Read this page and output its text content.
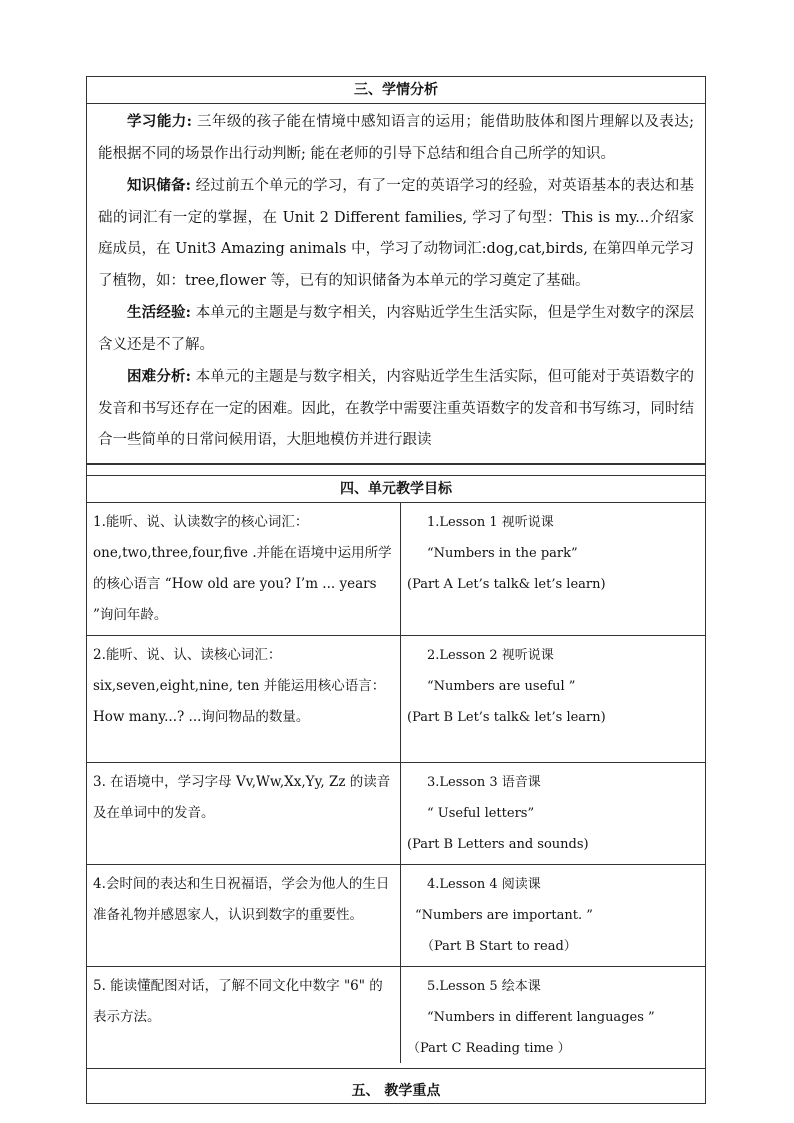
三、学情分析

学习能力: 三年级的孩子能在情境中感知语言的运用；能借助肢体和图片理解以及表达; 能根据不同的场景作出行动判断; 能在老师的引导下总结和组合自己所学的知识。

知识储备: 经过前五个单元的学习，有了一定的英语学习的经验，对英语基本的表达和基础的词汇有一定的掌握，在 Unit 2 Different families, 学习了句型：This is my...介绍家庭成员，在 Unit3 Amazing animals 中，学习了动物词汇:dog,cat,birds, 在第四单元学习了植物，如：tree,flower 等，已有的知识储备为本单元的学习奠定了基础。

生活经验: 本单元的主题是与数字相关，内容贴近学生生活实际，但是学生对数字的深层含义还是不了解。

困难分析: 本单元的主题是与数字相关，内容贴近学生生活实际，但可能对于英语数字的发音和书写还存在一定的困难。因此，在教学中需要注重英语数字的发音和书写练习，同时结合一些简单的日常问候用语，大胆地模仿并进行跟读

四、单元教学目标
1.能听、说、认读数字的核心词汇：one,two,three,four,five .并能在语境中运用所学的核心语言 “How old are you? I’m ... years ”询问年龄。
1.Lesson 1 视听说课
“Numbers in the park”
(Part A Let’s talk& let’s learn)
2.能听、说、认、读核心词汇：six,seven,eight,nine, ten 并能运用核心语言：How many...? ...询问物品的数量。
2.Lesson 2 视听说课
“Numbers are useful ”
(Part B Let’s talk& let’s learn)
3. 在语境中，学习字母 Vv,Ww,Xx,Yy, Zz 的读音及在单词中的发音。
3.Lesson 3 语音课
“ Useful letters”
(Part B Letters and sounds)
4.会时间的表达和生日祝福语，学会为他人的生日准备礼物并感恩家人，认识到数字的重要性。
4.Lesson 4 阅读课
“Numbers are important. ”
（Part B Start to read）
5. 能读懂配图对话，了解不同文化中数字 "6" 的表示方法。
5.Lesson 5 绘本课
“Numbers in different languages ”
（Part C Reading time ）
五、 教学重点
